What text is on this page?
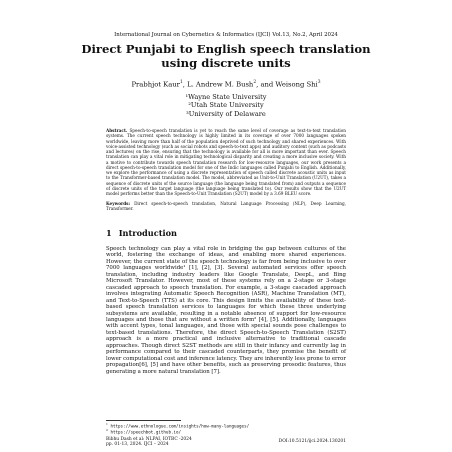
International Journal on Cybernetics & Informatics (IJCI) Vol.13, No.2, April 2024
Direct Punjabi to English speech translation
using discrete units
Prabhjot Kaur$^1$, L. Andrew M. Bush$^2$, and Weisong Shi$^3$
¹Wayne State University
²Utah State University
³University of Delaware
Abstract. Speech-to-speech translation is yet to reach the same level of coverage as text-to-text translation systems. The current speech technology is highly limited in its coverage of over 7000 languages spoken worldwide, leaving more than half of the population deprived of such technology and shared experiences. With voice-assisted technology (such as social robots and speech-to-text apps) and auditory content (such as podcasts and lectures) on the rise, ensuring that the technology is available for all is more important than ever. Speech translation can play a vital role in mitigating technological disparity and creating a more inclusive society. With a motive to contribute towards speech translation research for low-resource languages, our work presents a direct speech-to-speech translation model for one of the Indic languages called Punjabi to English. Additionally, we explore the performance of using a discrete representation of speech called discrete acoustic units as input to the Transformer-based translation model. The model, abbreviated as Unit-to-Unit Translation (U2UT), takes a sequence of discrete units of the source language (the language being translated from) and outputs a sequence of discrete units of the target language (the language being translated to). Our results show that the U2UT model performs better than the Speech-to-Unit Translation (S2UT) model by a 3.69 BLEU score.
Keywords: Direct speech-to-speech translation, Natural Language Processing (NLP), Deep Learning, Transformer.
1 Introduction
Speech technology can play a vital role in bridging the gap between cultures of the world, fostering the exchange of ideas, and enabling more shared experiences. However, the current state of the speech technology is far from being inclusive to over 7000 languages worldwide¹ [1], [2], [3]. Several automated services offer speech translation, including industry leaders like Google Translate, DeepL, and Bing Microsoft Translator. However, most of these systems rely on a 2-stage or 3-stage cascaded approach to speech translation. For example, a 3-stage cascaded approach involves integrating Automatic Speech Recognition (ASR), Machine Translation (MT), and Text-to-Speech (TTS) at its core. This design limits the availability of these text-based speech translation services to languages for which these three underlying subsystems are available, resulting in a notable absence of support for low-resource languages and those that are without a written form² [4], [5]. Additionally, languages with accent types, tonal languages, and those with special sounds pose challenges to text-based translations. Therefore, the direct Speech-to-Speech Translation (S2ST) approach is a more practical and inclusive alternative to traditional cascade approaches. Though direct S2ST methods are still in their infancy and currently lag in performance compared to their cascaded counterparts, they promise the benefit of lower computational cost and inference latency. They are inherently less prone to error propagation[6], [5] and have other benefits, such as preserving prosodic features, thus generating a more natural translation [7].
$^1$ https://www.ethnologue.com/insights/how-many-languages/
$^2$ https://speechbot.github.io/
Bibhu Dash et al: NLPAI, IOTBC -2024
pp. 01-13, 2024. IJCI – 2024
DOI:10.5121/ijci.2024.130201
